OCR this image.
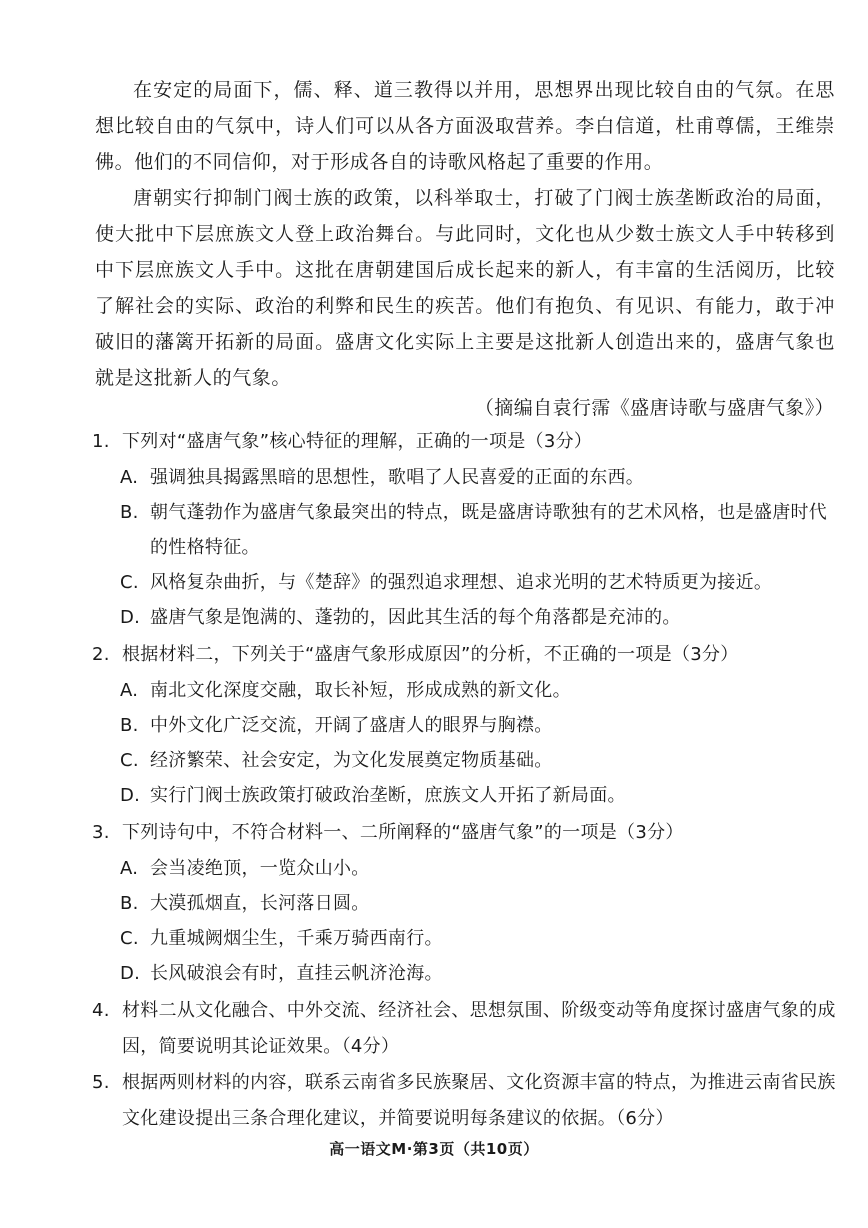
在安定的局面下，儒、释、道三教得以并用，思想界出现比较自由的气氛。在思想比较自由的气氛中，诗人们可以从各方面汲取营养。李白信道，杜甫尊儒，王维崇佛。他们的不同信仰，对于形成各自的诗歌风格起了重要的作用。

唐朝实行抑制门阀士族的政策，以科举取士，打破了门阀士族垄断政治的局面，使大批中下层庶族文人登上政治舞台。与此同时，文化也从少数士族文人手中转移到中下层庶族文人手中。这批在唐朝建国后成长起来的新人，有丰富的生活阅历，比较了解社会的实际、政治的利弊和民生的疾苦。他们有抱负、有见识、有能力，敢于冲破旧的藩篱开拓新的局面。盛唐文化实际上主要是这批新人创造出来的，盛唐气象也就是这批新人的气象。

（摘编自袁行霈《盛唐诗歌与盛唐气象》）

1. 下列对“盛唐气象”核心特征的理解，正确的一项是（3分）
A. 强调独具揭露黑暗的思想性，歌唱了人民喜爱的正面的东西。
B. 朝气蓬勃作为盛唐气象最突出的特点，既是盛唐诗歌独有的艺术风格，也是盛唐时代的性格特征。
C. 风格复杂曲折，与《楚辞》的强烈追求理想、追求光明的艺术特质更为接近。
D. 盛唐气象是饱满的、蓬勃的，因此其生活的每个角落都是充沛的。
2. 根据材料二，下列关于“盛唐气象形成原因”的分析，不正确的一项是（3分）
A. 南北文化深度交融，取长补短，形成成熟的新文化。
B. 中外文化广泛交流，开阔了盛唐人的眼界与胸襟。
C. 经济繁荣、社会安定，为文化发展奠定物质基础。
D. 实行门阀士族政策打破政治垄断，庶族文人开拓了新局面。
3. 下列诗句中，不符合材料一、二所阐释的“盛唐气象”的一项是（3分）
A. 会当凌绝顶，一览众山小。
B. 大漠孤烟直，长河落日圆。
C. 九重城阙烟尘生，千乘万骑西南行。
D. 长风破浪会有时，直挂云帆济沧海。
4. 材料二从文化融合、中外交流、经济社会、思想氛围、阶级变动等角度探讨盛唐气象的成因，简要说明其论证效果。（4分）
5. 根据两则材料的内容，联系云南省多民族聚居、文化资源丰富的特点，为推进云南省民族文化建设提出三条合理化建议，并简要说明每条建议的依据。（6分）

高一语文M·第3页（共10页）
